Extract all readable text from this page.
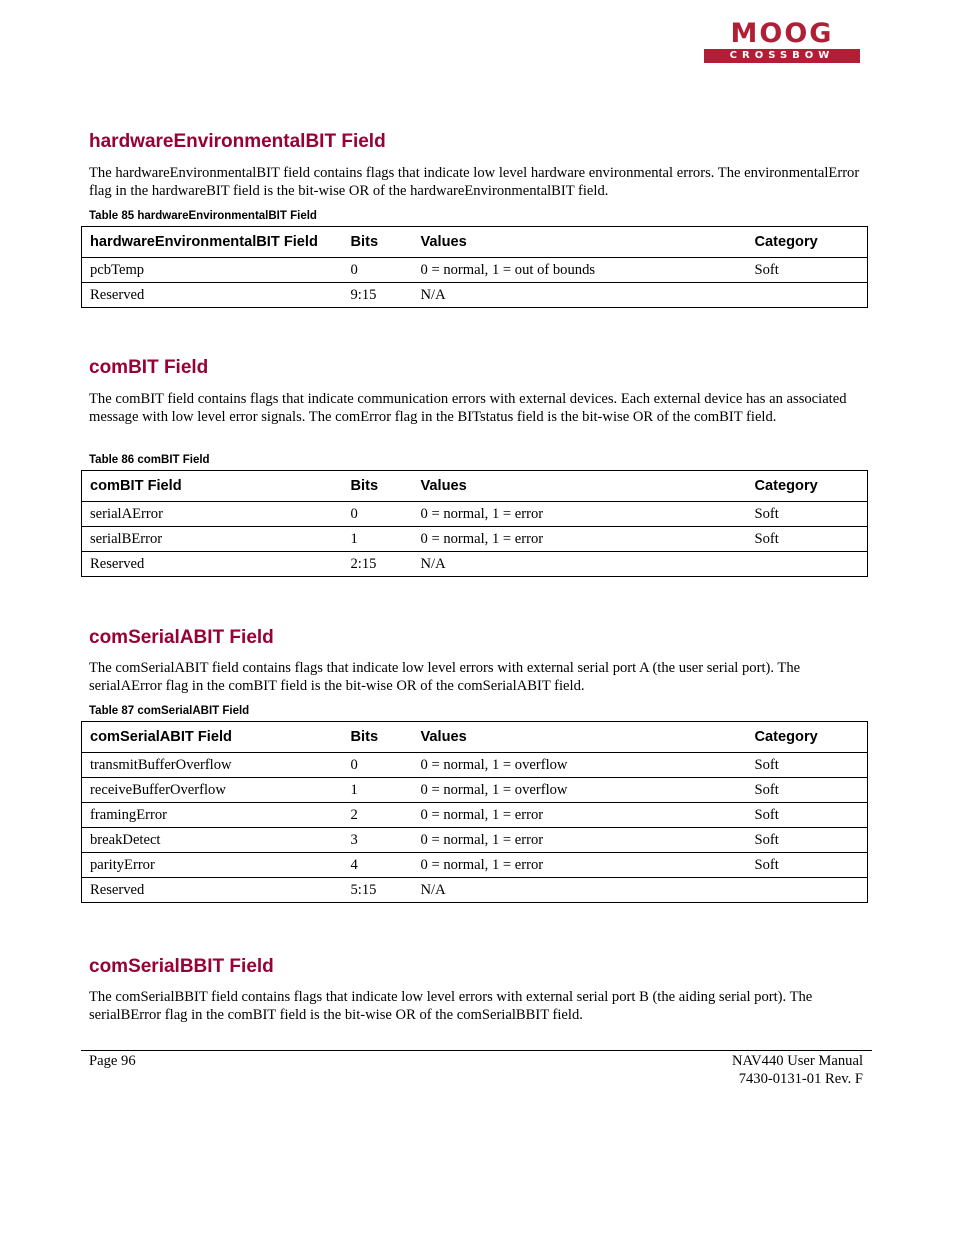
MOOG
CROSSBOW
hardwareEnvironmentalBIT Field

The hardwareEnvironmentalBIT field contains flags that indicate low level hardware environmental errors. The environmentalError flag in the hardwareBIT field is the bit-wise OR of the hardwareEnvironmentalBIT field.

Table 85 hardwareEnvironmentalBIT Field
hardwareEnvironmentalBIT Field	Bits	Values	Category
pcbTemp	0	0 = normal, 1 = out of bounds	Soft
Reserved	9:15	N/A	
comBIT Field

The comBIT field contains flags that indicate communication errors with external devices. Each external device has an associated message with low level error signals. The comError flag in the BITstatus field is the bit-wise OR of the comBIT field.

Table 86 comBIT Field
comBIT Field	Bits	Values	Category
serialAError	0	0 = normal, 1 = error	Soft
serialBError	1	0 = normal, 1 = error	Soft
Reserved	2:15	N/A	
comSerialABIT Field

The comSerialABIT field contains flags that indicate low level errors with external serial port A (the user serial port). The serialAError flag in the comBIT field is the bit-wise OR of the comSerialABIT field.

Table 87 comSerialABIT Field
comSerialABIT Field	Bits	Values	Category
transmitBufferOverflow	0	0 = normal, 1 = overflow	Soft
receiveBufferOverflow	1	0 = normal, 1 = overflow	Soft
framingError	2	0 = normal, 1 = error	Soft
breakDetect	3	0 = normal, 1 = error	Soft
parityError	4	0 = normal, 1 = error	Soft
Reserved	5:15	N/A	
comSerialBBIT Field

The comSerialBBIT field contains flags that indicate low level errors with external serial port B (the aiding serial port). The serialBError flag in the comBIT field is the bit-wise OR of the comSerialBBIT field.

Page 96	NAV440 User Manual
7430-0131-01 Rev. F
